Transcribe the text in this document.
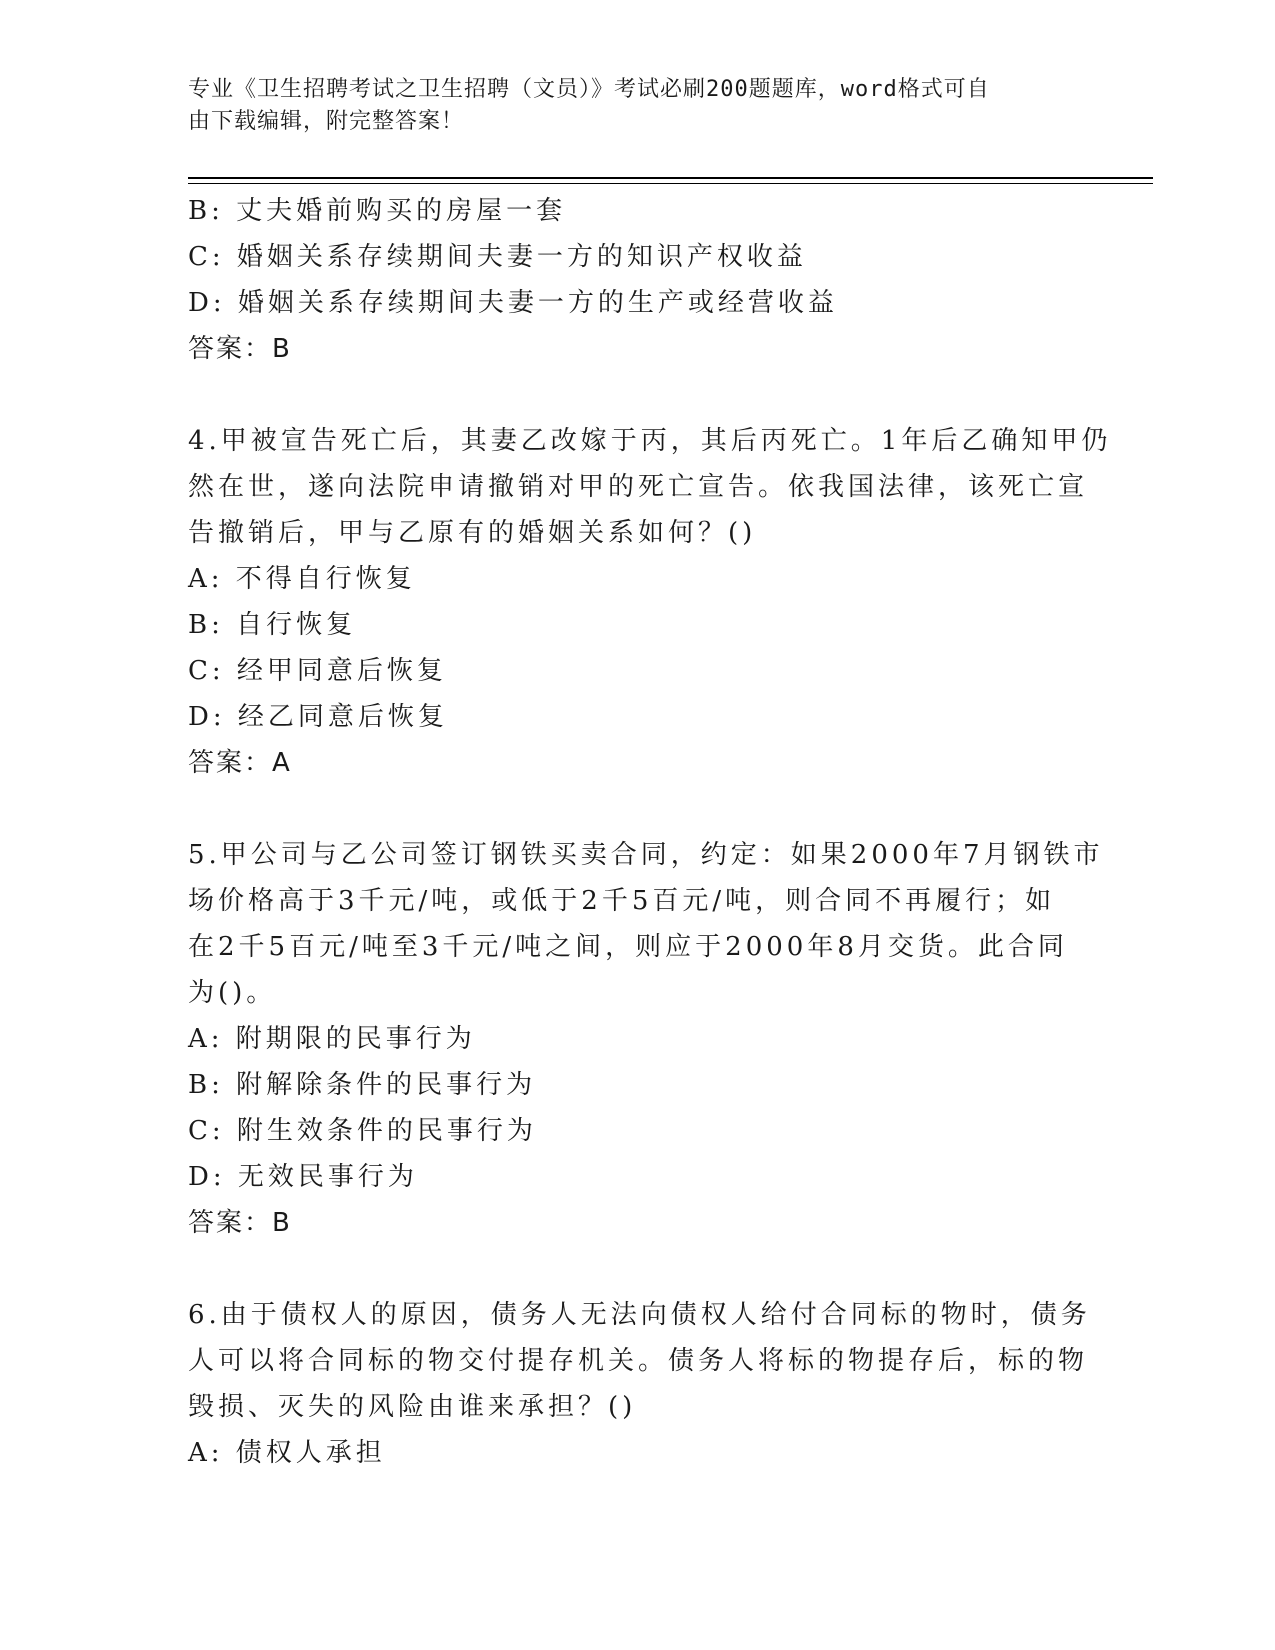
专业《卫生招聘考试之卫生招聘（文员）》考试必刷200题题库，word格式可自
由下载编辑，附完整答案！
B: 丈夫婚前购买的房屋一套
C: 婚姻关系存续期间夫妻一方的知识产权收益
D: 婚姻关系存续期间夫妻一方的生产或经营收益
答案：B
4.甲被宣告死亡后，其妻乙改嫁于丙，其后丙死亡。1年后乙确知甲仍
然在世，遂向法院申请撤销对甲的死亡宣告。依我国法律，该死亡宣
告撤销后，甲与乙原有的婚姻关系如何？()
A: 不得自行恢复
B: 自行恢复
C: 经甲同意后恢复
D: 经乙同意后恢复
答案：A
5.甲公司与乙公司签订钢铁买卖合同，约定：如果2000年7月钢铁市
场价格高于3千元/吨，或低于2千5百元/吨，则合同不再履行；如
在2千5百元/吨至3千元/吨之间，则应于2000年8月交货。此合同
为()。
A: 附期限的民事行为
B: 附解除条件的民事行为
C: 附生效条件的民事行为
D: 无效民事行为
答案：B
6.由于债权人的原因，债务人无法向债权人给付合同标的物时，债务
人可以将合同标的物交付提存机关。债务人将标的物提存后，标的物
毁损、灭失的风险由谁来承担？()
A: 债权人承担
